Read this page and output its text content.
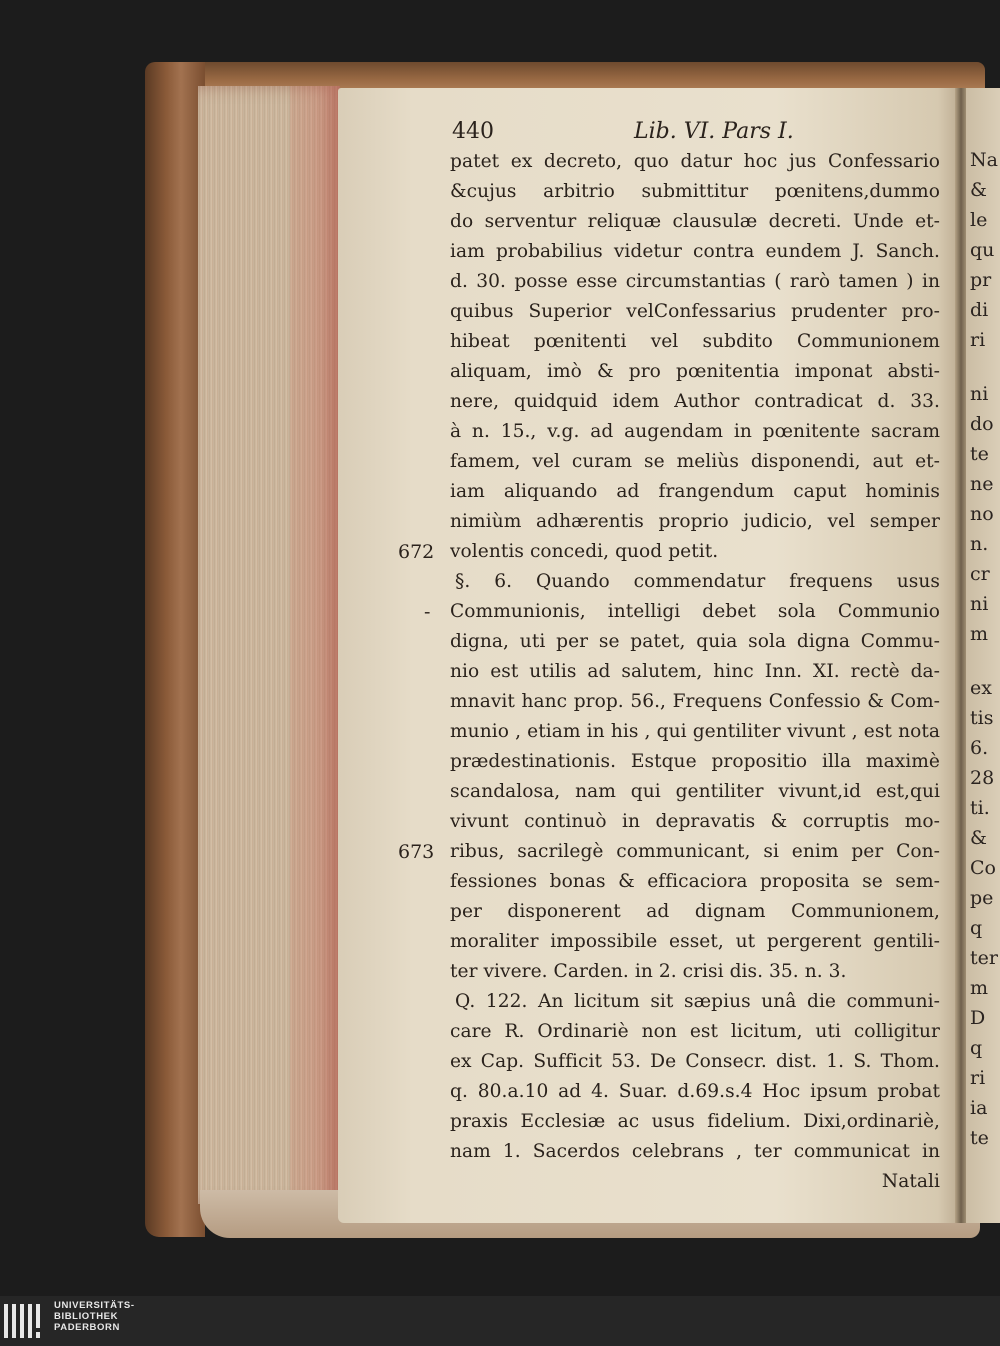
Na
&
le
qu
pr
di
ri
ni
do
te
ne
no
n.
cr
ni
m
ex
tis
6.
28
ti.
&
Co
pe
q
ter
m
D
q
ri
ia
te
440	Lib. VI. Pars I.
patet ex decreto, quo datur hoc jus Confessario
&cujus arbitrio submittitur pœnitens,dummo
do serventur reliquæ clausulæ decreti. Unde et-
iam probabilius videtur contra eundem J. Sanch.
d. 30. posse esse circumstantias ( rarò tamen ) in
quibus Superior velConfessarius prudenter pro-
hibeat pœnitenti vel subdito Communionem
aliquam, imò & pro pœnitentia imponat absti-
nere, quidquid idem Author contradicat d. 33.
à n. 15., v.g. ad augendam in pœnitente sacram
famem, vel curam se meliùs disponendi, aut et-
iam aliquando ad frangendum caput hominis
nimiùm adhærentis proprio judicio, vel semper
volentis concedi, quod petit.
§. 6. Quando commendatur frequens usus
Communionis, intelligi debet sola Communio
digna, uti per se patet, quia sola digna Commu-
nio est utilis ad salutem, hinc Inn. XI. rectè da-
mnavit hanc prop. 56., Frequens Confessio & Com-
munio , etiam in his , qui gentiliter vivunt , est nota
prædestinationis. Estque propositio illa maximè
scandalosa, nam qui gentiliter vivunt,id est,qui
vivunt continuò in depravatis & corruptis mo-
ribus, sacrilegè communicant, si enim per Con-
fessiones bonas & efficaciora proposita se sem-
per disponerent ad dignam Communionem,
moraliter impossibile esset, ut pergerent gentili-
ter vivere. Carden. in 2. crisi dis. 35. n. 3.
Q. 122. An licitum sit sæpius unâ die communi-
care R. Ordinariè non est licitum, uti colligitur
ex Cap. Sufficit 53. De Consecr. dist. 1. S. Thom.
q. 80.a.10 ad 4. Suar. d.69.s.4 Hoc ipsum probat
praxis Ecclesiæ ac usus fidelium. Dixi,ordinariè,
nam 1. Sacerdos celebrans , ter communicat in
Natali
672
-
673
UNIVERSITÄTS-
BIBLIOTHEK
PADERBORN
